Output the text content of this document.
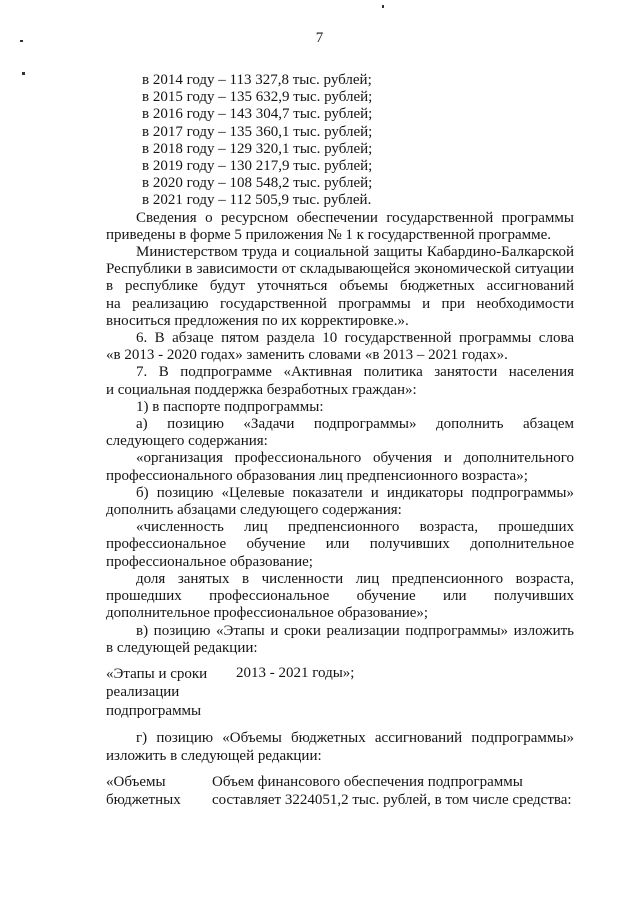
7
в 2014 году – 113 327,8 тыс. рублей;
в 2015 году – 135 632,9 тыс. рублей;
в 2016 году – 143 304,7 тыс. рублей;
в 2017 году – 135 360,1 тыс. рублей;
в 2018 году – 129 320,1 тыс. рублей;
в 2019 году – 130 217,9 тыс. рублей;
в 2020 году – 108 548,2 тыс. рублей;
в 2021 году – 112 505,9 тыс. рублей.
Сведения о ресурсном обеспечении государственной программы
приведены в форме 5 приложения № 1 к государственной программе.
Министерством труда и социальной защиты Кабардино-Балкарской
Республики в зависимости от складывающейся экономической ситуации
в республике будут уточняться объемы бюджетных ассигнований
на реализацию государственной программы и при необходимости
вноситься предложения по их корректировке.».
6. В абзаце пятом раздела 10 государственной программы слова
«в 2013 - 2020 годах» заменить словами «в 2013 – 2021 годах».
7. В подпрограмме «Активная политика занятости населения
и социальная поддержка безработных граждан»:
1) в паспорте подпрограммы:
а) позицию «Задачи подпрограммы» дополнить абзацем
следующего содержания:
«организация профессионального обучения и дополнительного
профессионального образования лиц предпенсионного возраста»;
б) позицию «Целевые показатели и индикаторы подпрограммы»
дополнить абзацами следующего содержания:
«численность лиц предпенсионного возраста, прошедших
профессиональное обучение или получивших дополнительное
профессиональное образование;
доля занятых в численности лиц предпенсионного возраста,
прошедших профессиональное обучение или получивших
дополнительное профессиональное образование»;
в) позицию «Этапы и сроки реализации подпрограммы» изложить
в следующей редакции:
«Этапы и сроки
реализации
подпрограммы
2013 - 2021 годы»;
г) позицию «Объемы бюджетных ассигнований подпрограммы»
изложить в следующей редакции:
«Объемы
бюджетных
Объем финансового обеспечения подпрограммы
составляет 3224051,2 тыс. рублей, в том числе средства:
